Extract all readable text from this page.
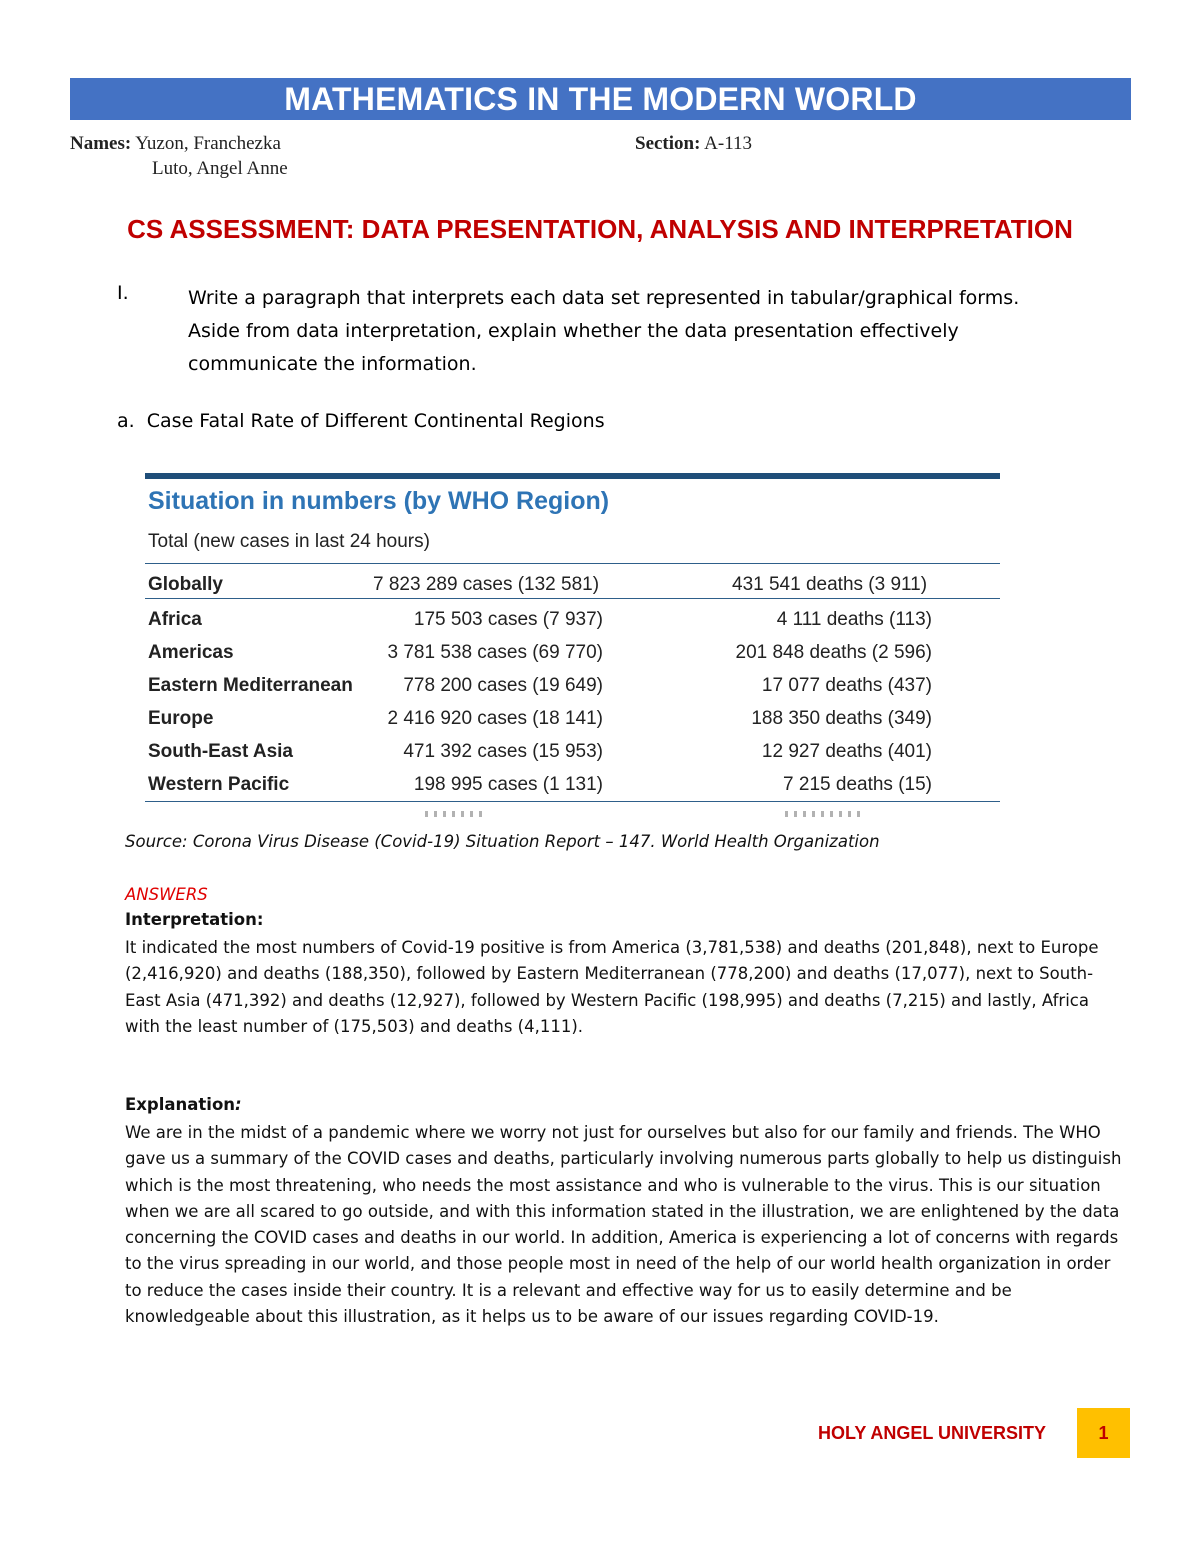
MATHEMATICS IN THE MODERN WORLD
Names: Yuzon, Franchezka
Luto, Angel Anne
Section: A-113
CS ASSESSMENT: DATA PRESENTATION, ANALYSIS AND INTERPRETATION
I.	Write a paragraph that interprets each data set represented in tabular/graphical forms. Aside from data interpretation, explain whether the data presentation effectively communicate the information.
a.  Case Fatal Rate of Different Continental Regions
Situation in numbers (by WHO Region)
Total (new cases in last 24 hours)
Globally	7 823 289 cases (132 581)	431 541 deaths (3 911)
Africa	175 503 cases (7 937)	4 111 deaths (113)
Americas	3 781 538 cases (69 770)	201 848 deaths (2 596)
Eastern Mediterranean	778 200 cases (19 649)	17 077 deaths (437)
Europe	2 416 920 cases (18 141)	188 350 deaths (349)
South-East Asia	471 392 cases (15 953)	12 927 deaths (401)
Western Pacific	198 995 cases (1 131)	7 215 deaths (15)
Source: Corona Virus Disease (Covid-19) Situation Report – 147. World Health Organization
ANSWERS
Interpretation:
It indicated the most numbers of Covid-19 positive is from America (3,781,538) and deaths (201,848), next to Europe (2,416,920) and deaths (188,350), followed by Eastern Mediterranean (778,200) and deaths (17,077), next to South-East Asia (471,392) and deaths (12,927), followed by Western Pacific (198,995) and deaths (7,215) and lastly, Africa with the least number of (175,503) and deaths (4,111).
Explanation:
We are in the midst of a pandemic where we worry not just for ourselves but also for our family and friends. The WHO gave us a summary of the COVID cases and deaths, particularly involving numerous parts globally to help us distinguish which is the most threatening, who needs the most assistance and who is vulnerable to the virus. This is our situation when we are all scared to go outside, and with this information stated in the illustration, we are enlightened by the data concerning the COVID cases and deaths in our world. In addition, America is experiencing a lot of concerns with regards to the virus spreading in our world, and those people most in need of the help of our world health organization in order to reduce the cases inside their country. It is a relevant and effective way for us to easily determine and be knowledgeable about this illustration, as it helps us to be aware of our issues regarding COVID-19.
HOLY ANGEL UNIVERSITY	1
